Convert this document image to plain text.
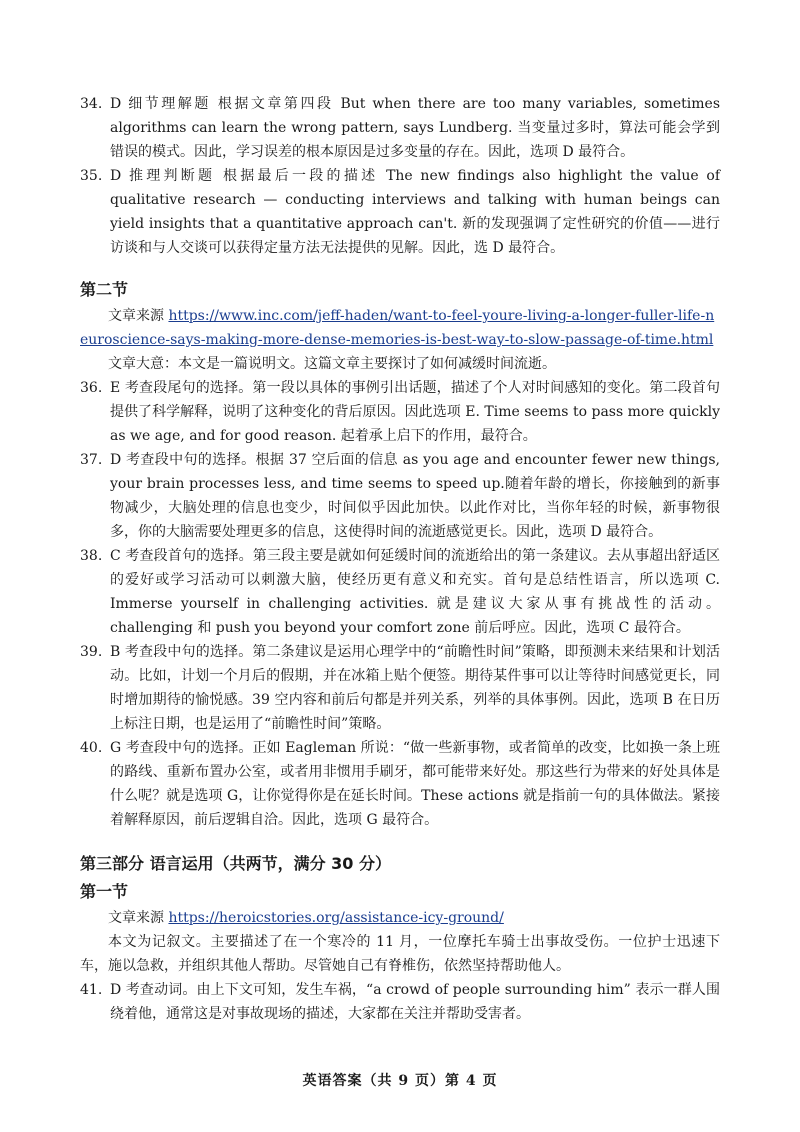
34. D 细节理解题 根据文章第四段 But when there are too many variables, sometimes algorithms can learn the wrong pattern, says Lundberg. 当变量过多时，算法可能会学到错误的模式。因此，学习误差的根本原因是过多变量的存在。因此，选项 D 最符合。
35. D 推理判断题 根据最后一段的描述 The new findings also highlight the value of qualitative research — conducting interviews and talking with human beings can yield insights that a quantitative approach can't. 新的发现强调了定性研究的价值——进行访谈和与人交谈可以获得定量方法无法提供的见解。因此，选 D 最符合。
第二节

文章来源 https://www.inc.com/jeff-haden/want-to-feel-youre-living-a-longer-fuller-life-neuroscience-says-making-more-dense-memories-is-best-way-to-slow-passage-of-time.html

文章大意：本文是一篇说明文。这篇文章主要探讨了如何减缓时间流逝。

36. E 考查段尾句的选择。第一段以具体的事例引出话题，描述了个人对时间感知的变化。第二段首句提供了科学解释，说明了这种变化的背后原因。因此选项 E. Time seems to pass more quickly as we age, and for good reason. 起着承上启下的作用，最符合。
37. D 考查段中句的选择。根据 37 空后面的信息 as you age and encounter fewer new things, your brain processes less, and time seems to speed up.随着年龄的增长，你接触到的新事物减少，大脑处理的信息也变少，时间似乎因此加快。以此作对比，当你年轻的时候，新事物很多，你的大脑需要处理更多的信息，这使得时间的流逝感觉更长。因此，选项 D 最符合。
38. C 考查段首句的选择。第三段主要是就如何延缓时间的流逝给出的第一条建议。去从事超出舒适区的爱好或学习活动可以刺激大脑，使经历更有意义和充实。首句是总结性语言，所以选项 C. Immerse yourself in challenging activities. 就是建议大家从事有挑战性的活动。challenging 和 push you beyond your comfort zone 前后呼应。因此，选项 C 最符合。
39. B 考查段中句的选择。第二条建议是运用心理学中的“前瞻性时间”策略，即预测未来结果和计划活动。比如，计划一个月后的假期，并在冰箱上贴个便签。期待某件事可以让等待时间感觉更长，同时增加期待的愉悦感。39 空内容和前后句都是并列关系，列举的具体事例。因此，选项 B 在日历上标注日期，也是运用了“前瞻性时间”策略。
40. G 考查段中句的选择。正如 Eagleman 所说：“做一些新事物，或者简单的改变，比如换一条上班的路线、重新布置办公室，或者用非惯用手刷牙，都可能带来好处。那这些行为带来的好处具体是什么呢？就是选项 G，让你觉得你是在延长时间。These actions 就是指前一句的具体做法。紧接着解释原因，前后逻辑自洽。因此，选项 G 最符合。
第三部分 语言运用（共两节，满分 30 分）
第一节

文章来源 https://heroicstories.org/assistance-icy-ground/

本文为记叙文。主要描述了在一个寒冷的 11 月，一位摩托车骑士出事故受伤。一位护士迅速下车，施以急救，并组织其他人帮助。尽管她自己有脊椎伤，依然坚持帮助他人。

41. D 考查动词。由上下文可知，发生车祸，“a crowd of people surrounding him” 表示一群人围绕着他，通常这是对事故现场的描述，大家都在关注并帮助受害者。
英语答案（共 9 页）第 4 页
